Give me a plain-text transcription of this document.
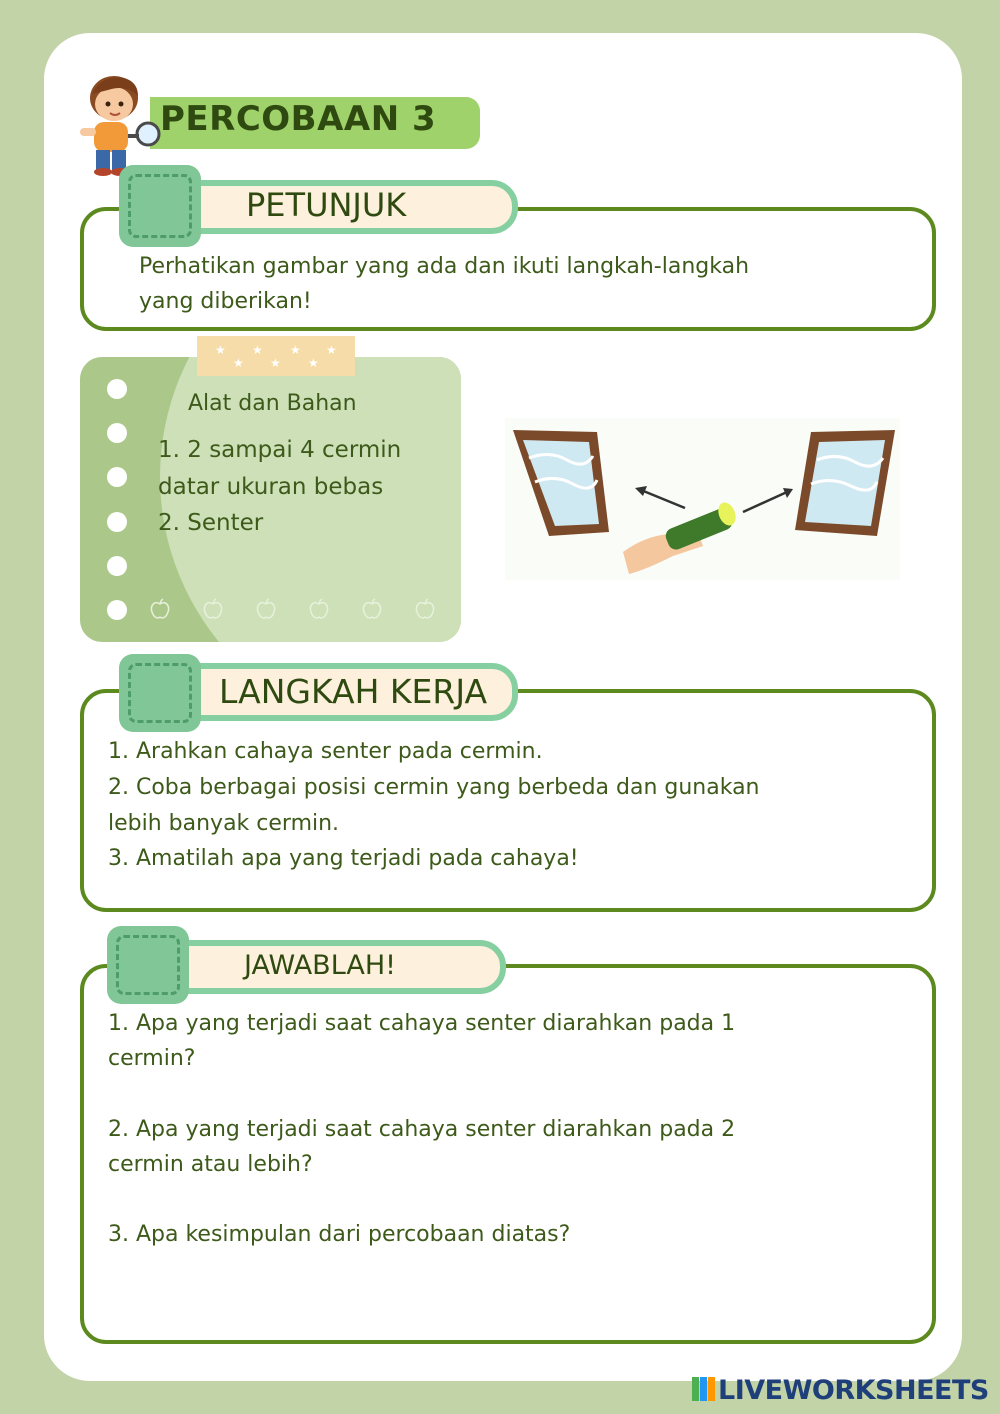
PERCOBAAN 3
PETUNJUK
Perhatikan gambar yang ada dan ikuti langkah-langkah
yang diberikan!
★ ★ ★ ★
★ ★ ★
Alat dan Bahan
1. 2 sampai 4 cermin
datar ukuran bebas
2. Senter
LANGKAH KERJA
1. Arahkan cahaya senter pada cermin.
2. Coba berbagai posisi cermin yang berbeda dan gunakan
lebih banyak cermin.
3. Amatilah apa yang terjadi pada cahaya!
JAWABLAH!
1. Apa yang terjadi saat cahaya senter diarahkan pada 1
cermin?
2. Apa yang terjadi saat cahaya senter diarahkan pada 2
cermin atau lebih?
3. Apa kesimpulan dari percobaan diatas?
LIVEWORKSHEETS
